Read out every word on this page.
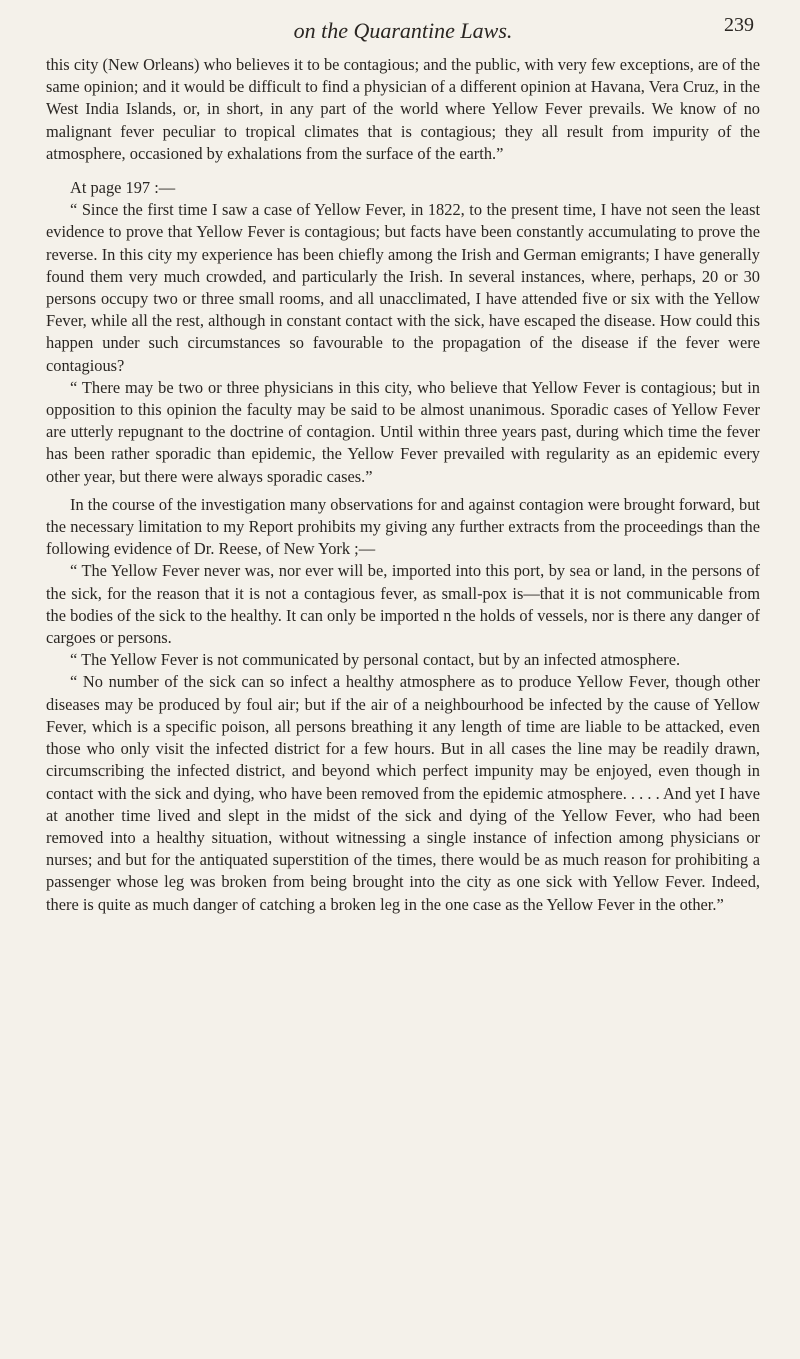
on the Quarantine Laws.	239

this city (New Orleans) who believes it to be contagious; and the public, with very few exceptions, are of the same opinion; and it would be difficult to find a physician of a different opinion at Havana, Vera Cruz, in the West India Islands, or, in short, in any part of the world where Yellow Fever prevails. We know of no malignant fever peculiar to tropical climates that is contagious; they all result from impurity of the atmosphere, occasioned by exhalations from the surface of the earth.”

At page 197 :—

“ Since the first time I saw a case of Yellow Fever, in 1822, to the present time, I have not seen the least evidence to prove that Yellow Fever is contagious; but facts have been constantly accumulating to prove the reverse. In this city my experience has been chiefly among the Irish and German emigrants; I have generally found them very much crowded, and particularly the Irish. In several instances, where, perhaps, 20 or 30 persons occupy two or three small rooms, and all unacclimated, I have attended five or six with the Yellow Fever, while all the rest, although in constant contact with the sick, have escaped the disease. How could this happen under such circumstances so favourable to the propagation of the disease if the fever were contagious?

“ There may be two or three physicians in this city, who believe that Yellow Fever is contagious; but in opposition to this opinion the faculty may be said to be almost unanimous. Sporadic cases of Yellow Fever are utterly repugnant to the doctrine of contagion. Until within three years past, during which time the fever has been rather sporadic than epidemic, the Yellow Fever prevailed with regularity as an epidemic every other year, but there were always sporadic cases.”

In the course of the investigation many observations for and against contagion were brought forward, but the necessary limitation to my Report prohibits my giving any further extracts from the proceedings than the following evidence of Dr. Reese, of New York ;—

“ The Yellow Fever never was, nor ever will be, imported into this port, by sea or land, in the persons of the sick, for the reason that it is not a contagious fever, as small-pox is—that it is not communicable from the bodies of the sick to the healthy. It can only be imported n the holds of vessels, nor is there any danger of cargoes or persons.

“ The Yellow Fever is not communicated by personal contact, but by an infected atmosphere.

“ No number of the sick can so infect a healthy atmosphere as to produce Yellow Fever, though other diseases may be produced by foul air; but if the air of a neighbourhood be infected by the cause of Yellow Fever, which is a specific poison, all persons breathing it any length of time are liable to be attacked, even those who only visit the infected district for a few hours. But in all cases the line may be readily drawn, circumscribing the infected district, and beyond which perfect impunity may be enjoyed, even though in contact with the sick and dying, who have been removed from the epidemic atmosphere. . . . . And yet I have at another time lived and slept in the midst of the sick and dying of the Yellow Fever, who had been removed into a healthy situation, without witnessing a single instance of infection among physicians or nurses; and but for the antiquated superstition of the times, there would be as much reason for prohibiting a passenger whose leg was broken from being brought into the city as one sick with Yellow Fever. Indeed, there is quite as much danger of catching a broken leg in the one case as the Yellow Fever in the other.”
